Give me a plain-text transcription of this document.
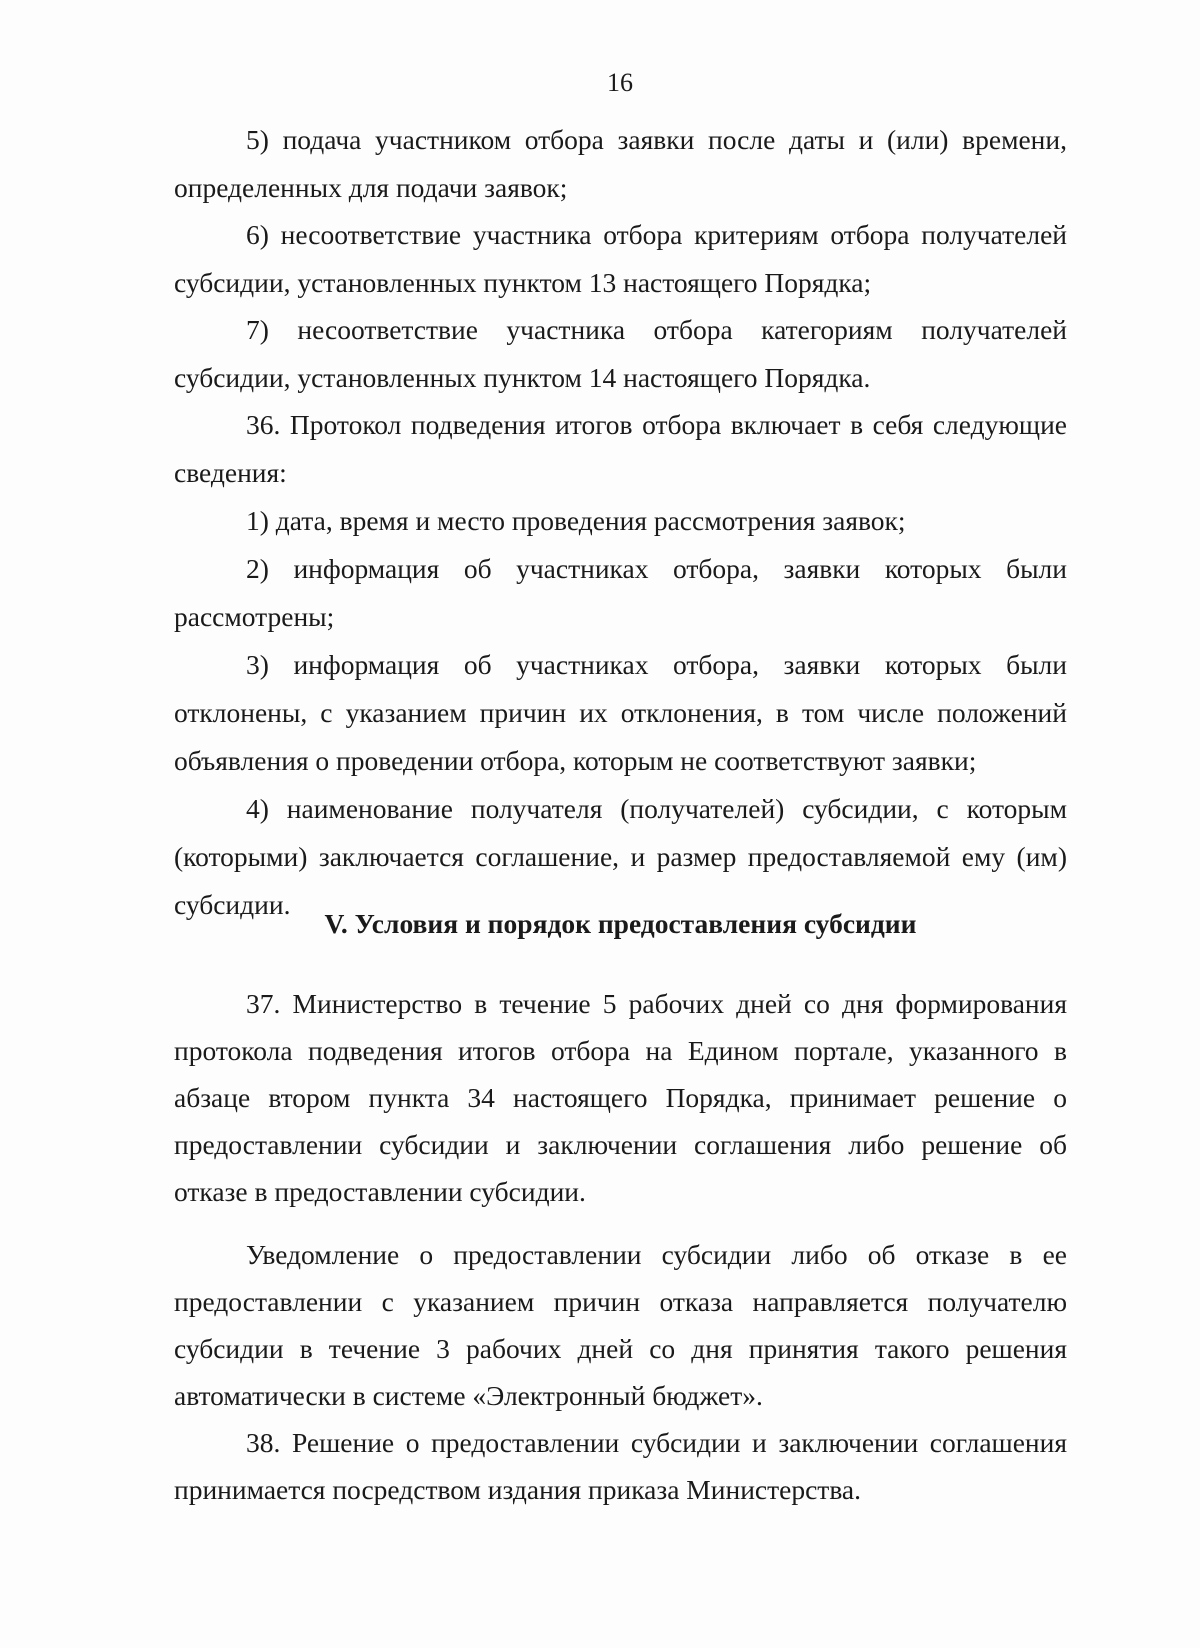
16

5) подача участником отбора заявки после даты и (или) времени, определенных для подачи заявок;

6) несоответствие участника отбора критериям отбора получателей субсидии, установленных пунктом 13 настоящего Порядка;

7) несоответствие участника отбора категориям получателей субсидии, установленных пунктом 14 настоящего Порядка.

36. Протокол подведения итогов отбора включает в себя следующие сведения:

1) дата, время и место проведения рассмотрения заявок;

2) информация об участниках отбора, заявки которых были рассмотрены;

3) информация об участниках отбора, заявки которых были отклонены, с указанием причин их отклонения, в том числе положений объявления о проведении отбора, которым не соответствуют заявки;

4) наименование получателя (получателей) субсидии, с которым (которыми) заключается соглашение, и размер предоставляемой ему (им) субсидии.

V. Условия и порядок предоставления субсидии

37. Министерство в течение 5 рабочих дней со дня формирования протокола подведения итогов отбора на Едином портале, указанного в абзаце втором пункта 34 настоящего Порядка, принимает решение о предоставлении субсидии и заключении соглашения либо решение об отказе в предоставлении субсидии.

Уведомление о предоставлении субсидии либо об отказе в ее предоставлении с указанием причин отказа направляется получателю субсидии в течение 3 рабочих дней со дня принятия такого решения автоматически в системе «Электронный бюджет».

38. Решение о предоставлении субсидии и заключении соглашения принимается посредством издания приказа Министерства.
